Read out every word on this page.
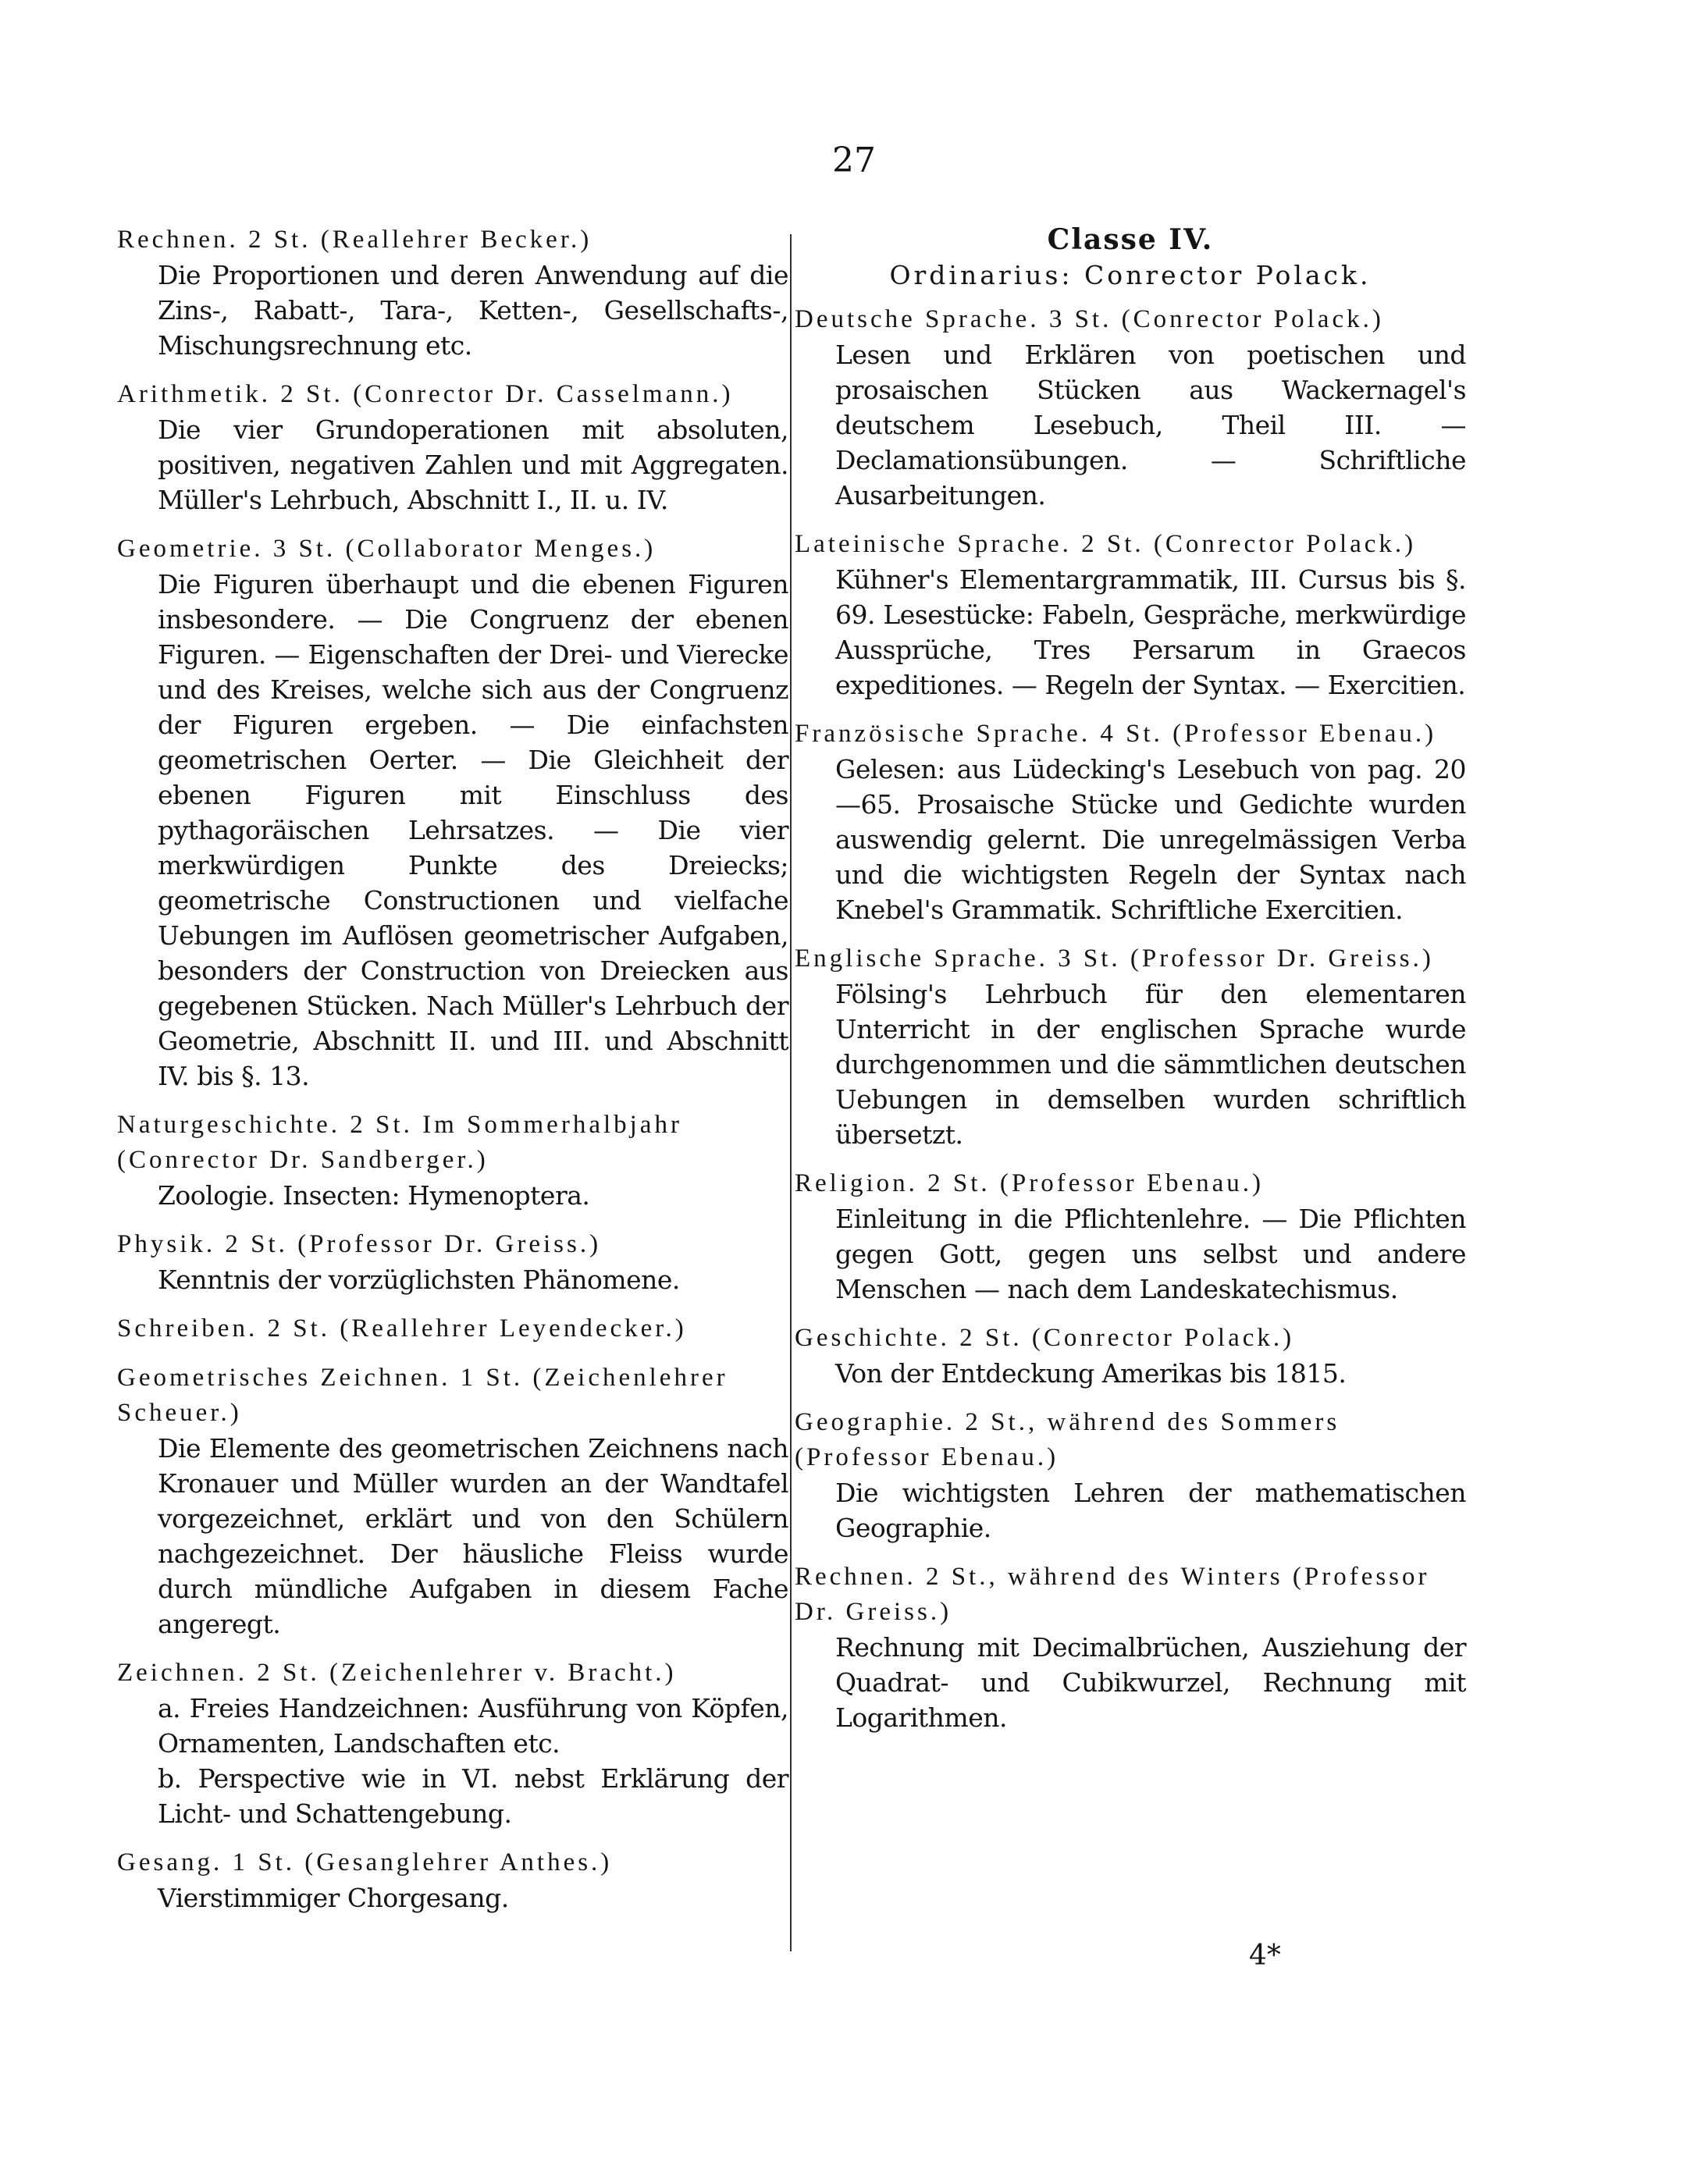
27
Rechnen. 2 St. (Reallehrer Becker.)
Die Proportionen und deren Anwendung auf die Zins-, Rabatt-, Tara-, Ketten-, Gesellschafts-, Mischungsrechnung etc.
Arithmetik. 2 St. (Conrector Dr. Casselmann.)
Die vier Grundoperationen mit absoluten, positiven, negativen Zahlen und mit Aggregaten. Müller's Lehrbuch, Abschnitt I., II. u. IV.
Geometrie. 3 St. (Collaborator Menges.)
Die Figuren überhaupt und die ebenen Figuren insbesondere. — Die Congruenz der ebenen Figuren. — Eigenschaften der Drei- und Vierecke und des Kreises, welche sich aus der Congruenz der Figuren ergeben. — Die einfachsten geometrischen Oerter. — Die Gleichheit der ebenen Figuren mit Einschluss des pythagoräischen Lehrsatzes. — Die vier merkwürdigen Punkte des Dreiecks; geometrische Constructionen und vielfache Uebungen im Auflösen geometrischer Aufgaben, besonders der Construction von Dreiecken aus gegebenen Stücken. Nach Müller's Lehrbuch der Geometrie, Abschnitt II. und III. und Abschnitt IV. bis §. 13.
Naturgeschichte. 2 St. Im Sommerhalbjahr (Conrector Dr. Sandberger.)
Zoologie. Insecten: Hymenoptera.
Physik. 2 St. (Professor Dr. Greiss.)
Kenntnis der vorzüglichsten Phänomene.
Schreiben. 2 St. (Reallehrer Leyendecker.)
Geometrisches Zeichnen. 1 St. (Zeichenlehrer Scheuer.)
Die Elemente des geometrischen Zeichnens nach Kronauer und Müller wurden an der Wandtafel vorgezeichnet, erklärt und von den Schülern nachgezeichnet. Der häusliche Fleiss wurde durch mündliche Aufgaben in diesem Fache angeregt.
Zeichnen. 2 St. (Zeichenlehrer v. Bracht.)
a. Freies Handzeichnen: Ausführung von Köpfen, Ornamenten, Landschaften etc.
b. Perspective wie in VI. nebst Erklärung der Licht- und Schattengebung.
Gesang. 1 St. (Gesanglehrer Anthes.)
Vierstimmiger Chorgesang.
Classe IV.
Ordinarius: Conrector Polack.
Deutsche Sprache. 3 St. (Conrector Polack.)
Lesen und Erklären von poetischen und prosaischen Stücken aus Wackernagel's deutschem Lesebuch, Theil III. — Declamationsübungen. — Schriftliche Ausarbeitungen.
Lateinische Sprache. 2 St. (Conrector Polack.)
Kühner's Elementargrammatik, III. Cursus bis §. 69. Lesestücke: Fabeln, Gespräche, merkwürdige Aussprüche, Tres Persarum in Graecos expeditiones. — Regeln der Syntax. — Exercitien.
Französische Sprache. 4 St. (Professor Ebenau.)
Gelesen: aus Lüdecking's Lesebuch von pag. 20—65. Prosaische Stücke und Gedichte wurden auswendig gelernt. Die unregelmässigen Verba und die wichtigsten Regeln der Syntax nach Knebel's Grammatik. Schriftliche Exercitien.
Englische Sprache. 3 St. (Professor Dr. Greiss.)
Fölsing's Lehrbuch für den elementaren Unterricht in der englischen Sprache wurde durchgenommen und die sämmtlichen deutschen Uebungen in demselben wurden schriftlich übersetzt.
Religion. 2 St. (Professor Ebenau.)
Einleitung in die Pflichtenlehre. — Die Pflichten gegen Gott, gegen uns selbst und andere Menschen — nach dem Landeskatechismus.
Geschichte. 2 St. (Conrector Polack.)
Von der Entdeckung Amerikas bis 1815.
Geographie. 2 St., während des Sommers (Professor Ebenau.)
Die wichtigsten Lehren der mathematischen Geographie.
Rechnen. 2 St., während des Winters (Professor Dr. Greiss.)
Rechnung mit Decimalbrüchen, Ausziehung der Quadrat- und Cubikwurzel, Rechnung mit Logarithmen.
4*
